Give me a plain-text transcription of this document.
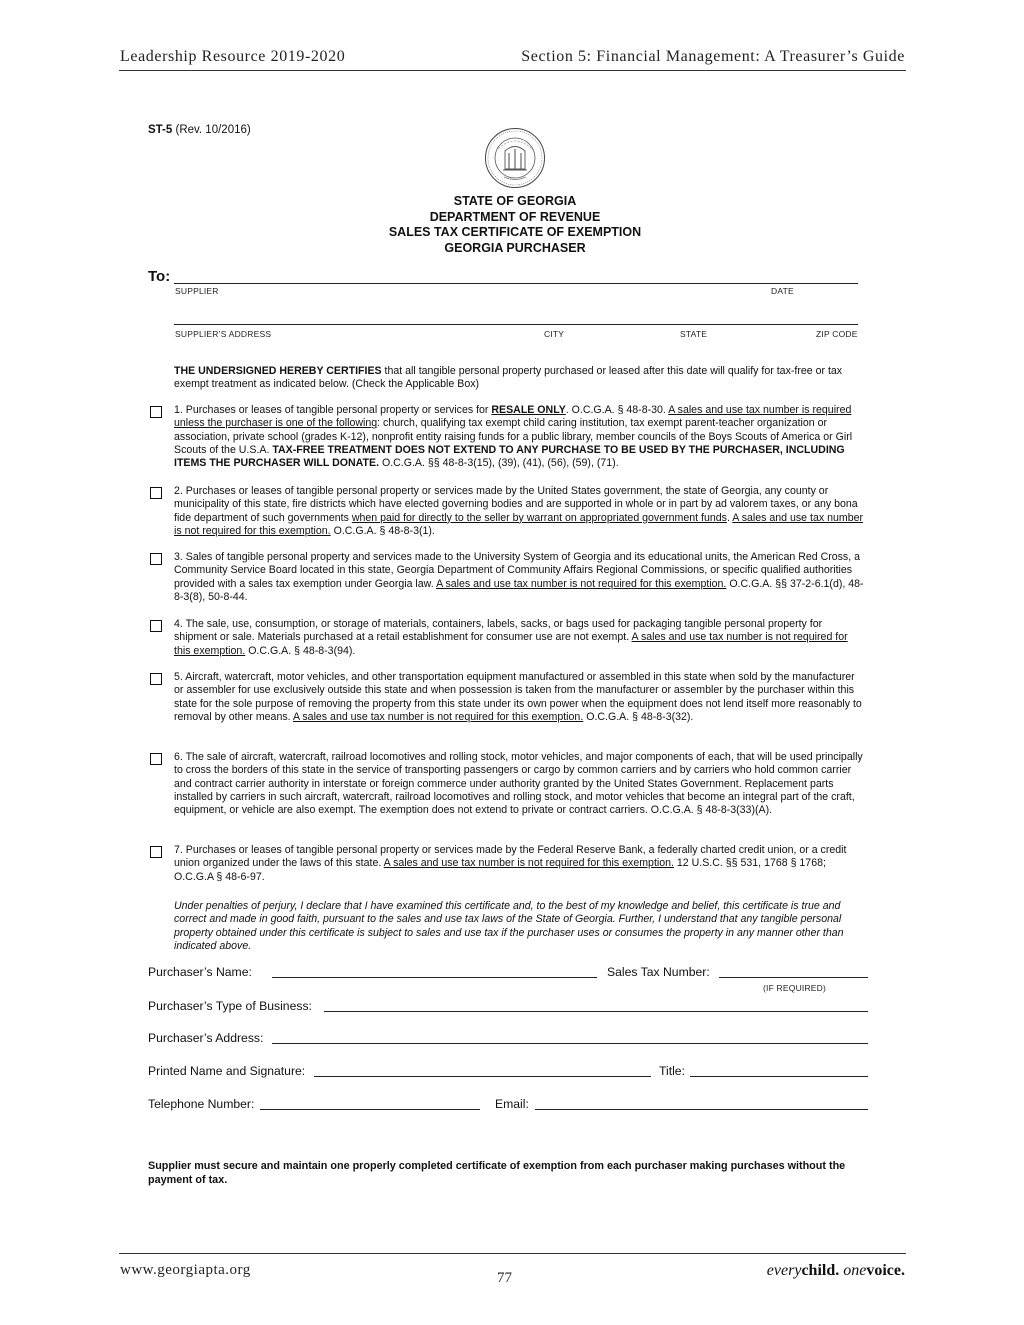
Leadership Resource 2019-2020	Section 5: Financial Management: A Treasurer’s Guide
ST-5 (Rev. 10/2016)
STATE OF GEORGIA
DEPARTMENT OF REVENUE
SALES TAX CERTIFICATE OF EXEMPTION
GEORGIA PURCHASER
To:
SUPPLIER	DATE
SUPPLIER’S ADDRESS	CITY	STATE	ZIP CODE
THE UNDERSIGNED HEREBY CERTIFIES that all tangible personal property purchased or leased after this date will qualify for tax-free or tax exempt treatment as indicated below. (Check the Applicable Box)
1. Purchases or leases of tangible personal property or services for RESALE ONLY. O.C.G.A. § 48-8-30. A sales and use tax number is required unless the purchaser is one of the following: church, qualifying tax exempt child caring institution, tax exempt parent-teacher organization or association, private school (grades K-12), nonprofit entity raising funds for a public library, member councils of the Boys Scouts of America or Girl Scouts of the U.S.A. TAX-FREE TREATMENT DOES NOT EXTEND TO ANY PURCHASE TO BE USED BY THE PURCHASER, INCLUDING ITEMS THE PURCHASER WILL DONATE. O.C.G.A. §§ 48-8-3(15), (39), (41), (56), (59), (71).
2. Purchases or leases of tangible personal property or services made by the United States government, the state of Georgia, any county or municipality of this state, fire districts which have elected governing bodies and are supported in whole or in part by ad valorem taxes, or any bona fide department of such governments when paid for directly to the seller by warrant on appropriated government funds. A sales and use tax number is not required for this exemption. O.C.G.A. § 48-8-3(1).
3. Sales of tangible personal property and services made to the University System of Georgia and its educational units, the American Red Cross, a Community Service Board located in this state, Georgia Department of Community Affairs Regional Commissions, or specific qualified authorities provided with a sales tax exemption under Georgia law. A sales and use tax number is not required for this exemption. O.C.G.A. §§ 37-2-6.1(d), 48-8-3(8), 50-8-44.
4. The sale, use, consumption, or storage of materials, containers, labels, sacks, or bags used for packaging tangible personal property for shipment or sale. Materials purchased at a retail establishment for consumer use are not exempt. A sales and use tax number is not required for this exemption. O.C.G.A. § 48-8-3(94).
5. Aircraft, watercraft, motor vehicles, and other transportation equipment manufactured or assembled in this state when sold by the manufacturer or assembler for use exclusively outside this state and when possession is taken from the manufacturer or assembler by the purchaser within this state for the sole purpose of removing the property from this state under its own power when the equipment does not lend itself more reasonably to removal by other means. A sales and use tax number is not required for this exemption. O.C.G.A. § 48-8-3(32).
6. The sale of aircraft, watercraft, railroad locomotives and rolling stock, motor vehicles, and major components of each, that will be used principally to cross the borders of this state in the service of transporting passengers or cargo by common carriers and by carriers who hold common carrier and contract carrier authority in interstate or foreign commerce under authority granted by the United States Government. Replacement parts installed by carriers in such aircraft, watercraft, railroad locomotives and rolling stock, and motor vehicles that become an integral part of the craft, equipment, or vehicle are also exempt. The exemption does not extend to private or contract carriers. O.C.G.A. § 48-8-3(33)(A).
7. Purchases or leases of tangible personal property or services made by the Federal Reserve Bank, a federally charted credit union, or a credit union organized under the laws of this state. A sales and use tax number is not required for this exemption. 12 U.S.C. §§ 531, 1768 § 1768; O.C.G.A § 48-6-97.
Under penalties of perjury, I declare that I have examined this certificate and, to the best of my knowledge and belief, this certificate is true and correct and made in good faith, pursuant to the sales and use tax laws of the State of Georgia. Further, I understand that any tangible personal property obtained under this certificate is subject to sales and use tax if the purchaser uses or consumes the property in any manner other than indicated above.
Purchaser’s Name:	Sales Tax Number:
(IF REQUIRED)
Purchaser’s Type of Business:
Purchaser’s Address:
Printed Name and Signature:	Title:
Telephone Number:	Email:
Supplier must secure and maintain one properly completed certificate of exemption from each purchaser making purchases without the payment of tax.
www.georgiapta.org	77	everychild. onevoice.
